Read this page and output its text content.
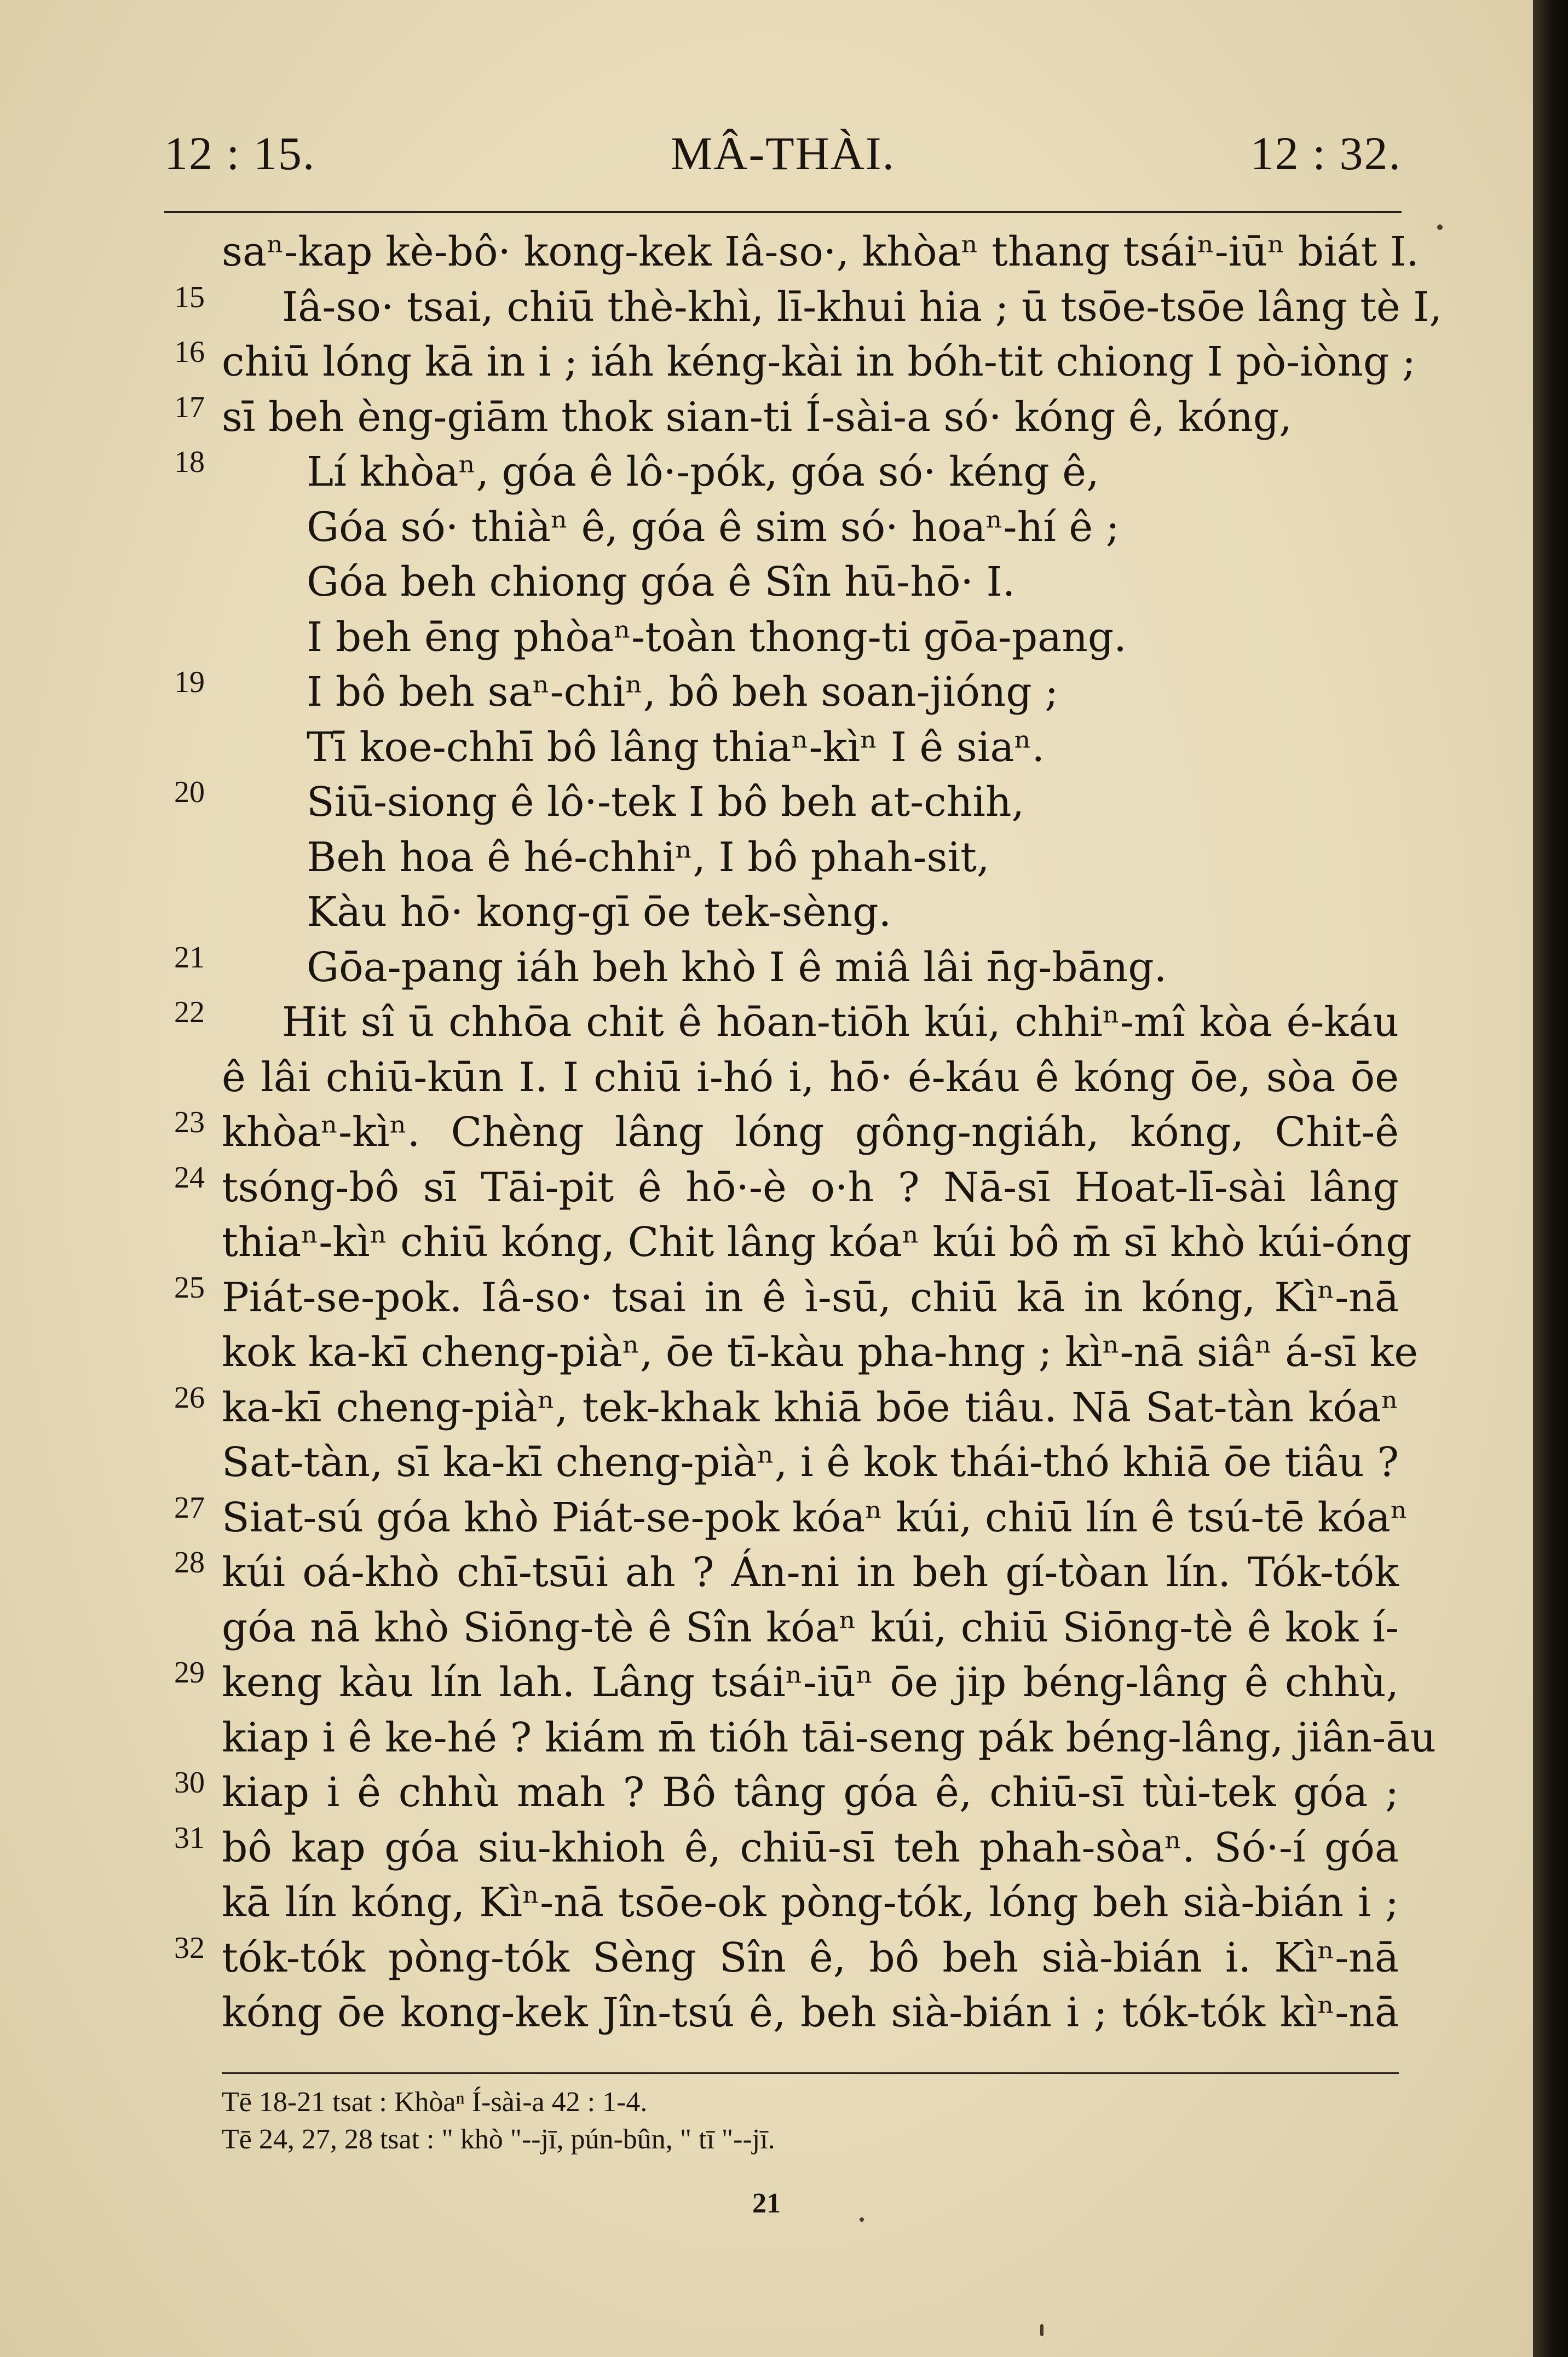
12 : 15.	MÂ-THÀI.	12 : 32.
saⁿ-kap kè-bô· kong-kek Iâ-so·, khòaⁿ thang tsáiⁿ-iūⁿ biát I.
15 Iâ-so· tsai, chiū thè-khì, lī-khui hia ; ū tsōe-tsōe lâng tè I,
16 chiū lóng kā in i ; iáh kéng-kài in bóh-tit chiong I pò-iòng ;
17 sī beh èng-giām thok sian-ti Í-sài-a só· kóng ê, kóng,
18	Lí khòaⁿ, góa ê lô·-pók, góa só· kéng ê,
Góa só· thiàⁿ ê, góa ê sim só· hoaⁿ-hí ê ;
Góa beh chiong góa ê Sîn hū-hō· I.
I beh ēng phòaⁿ-toàn thong-ti gōa-pang.
19	I bô beh saⁿ-chiⁿ, bô beh soan-jióng ;
Tī koe-chhī bô lâng thiaⁿ-kìⁿ I ê siaⁿ.
20	Siū-siong ê lô·-tek I bô beh at-chih,
Beh hoa ê hé-chhiⁿ, I bô phah-sit,
Kàu hō· kong-gī ōe tek-sèng.
21	Gōa-pang iáh beh khò I ê miâ lâi n̄g-bāng.
22 Hit sî ū chhōa chit ê hōan-tiōh kúi, chhiⁿ-mî kòa é-káu
ê lâi chiū-kūn I. I chiū i-hó i, hō· é-káu ê kóng ōe, sòa ōe
23 khòaⁿ-kìⁿ. Chèng lâng lóng gông-ngiáh, kóng, Chit-ê
24 tsóng-bô sī Tāi-pit ê hō·-è o·h ? Nā-sī Hoat-lī-sài lâng
thiaⁿ-kìⁿ chiū kóng, Chit lâng kóaⁿ kúi bô m̄ sī khò kúi-óng
25 Piát-se-pok. Iâ-so· tsai in ê ì-sū, chiū kā in kóng, Kìⁿ-nā
kok ka-kī cheng-piàⁿ, ōe tī-kàu pha-hng ; kìⁿ-nā siâⁿ á-sī ke
26 ka-kī cheng-piàⁿ, tek-khak khiā bōe tiâu. Nā Sat-tàn kóaⁿ
Sat-tàn, sī ka-kī cheng-piàⁿ, i ê kok thái-thó khiā ōe tiâu ?
27 Siat-sú góa khò Piát-se-pok kóaⁿ kúi, chiū lín ê tsú-tē kóaⁿ
28 kúi oá-khò chī-tsūi ah ? Án-ni in beh gí-tòan lín. Tók-tók
góa nā khò Siōng-tè ê Sîn kóaⁿ kúi, chiū Siōng-tè ê kok í-
29 keng kàu lín lah. Lâng tsáiⁿ-iūⁿ ōe jip béng-lâng ê chhù,
kiap i ê ke-hé ? kiám m̄ tióh tāi-seng pák béng-lâng, jiân-āu
30 kiap i ê chhù mah ? Bô tâng góa ê, chiū-sī tùi-tek góa ;
31 bô kap góa siu-khioh ê, chiū-sī teh phah-sòaⁿ. Só·-í góa
kā lín kóng, Kìⁿ-nā tsōe-ok pòng-tók, lóng beh sià-bián i ;
32 tók-tók pòng-tók Sèng Sîn ê, bô beh sià-bián i. Kìⁿ-nā
kóng ōe kong-kek Jîn-tsú ê, beh sià-bián i ; tók-tók kìⁿ-nā
Tē 18-21 tsat : Khòaⁿ Í-sài-a 42 : 1-4.
Tē 24, 27, 28 tsat : " khò "--jī, pún-bûn, " tī "--jī.
21
